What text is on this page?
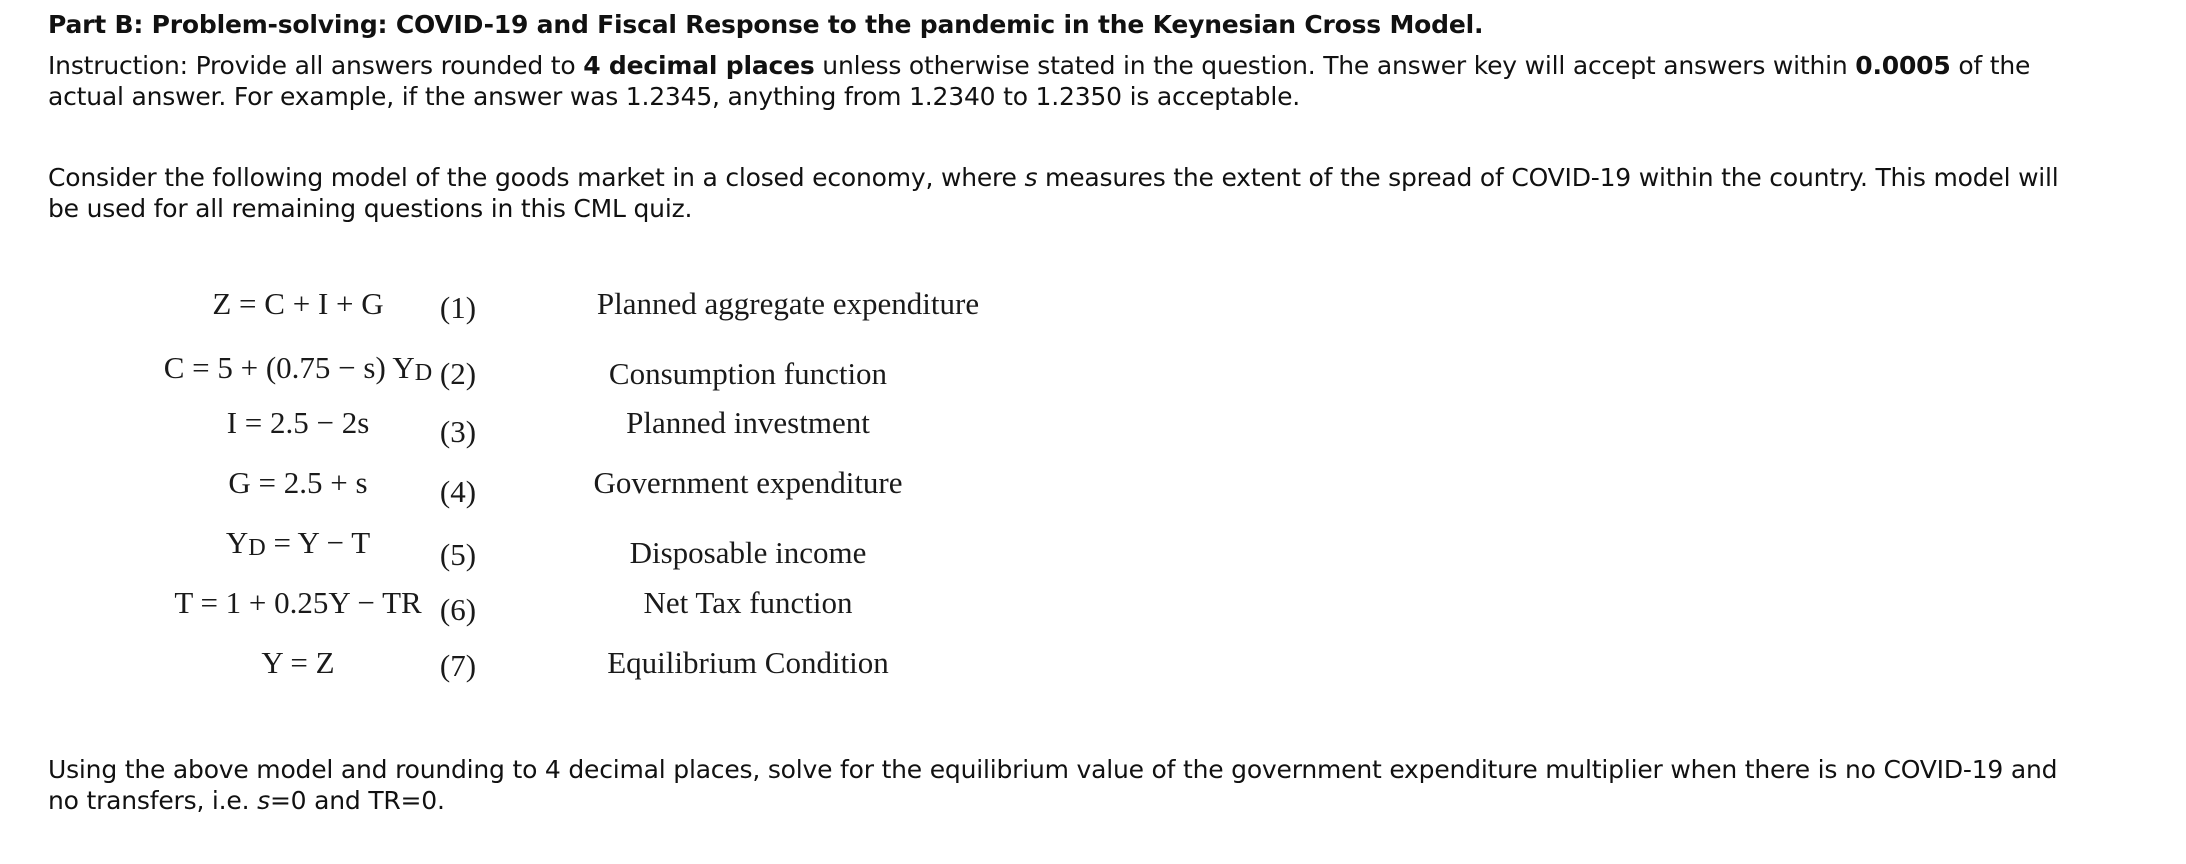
Part B: Problem-solving: COVID-19 and Fiscal Response to the pandemic in the Keynesian Cross Model.
Instruction: Provide all answers rounded to 4 decimal places unless otherwise stated in the question. The answer key will accept answers within 0.0005 of the actual answer. For example, if the answer was 1.2345, anything from 1.2340 to 1.2350 is acceptable.
Consider the following model of the goods market in a closed economy, where s measures the extent of the spread of COVID-19 within the country. This model will be used for all remaining questions in this CML quiz.
Z = C + I + G	(1)	Planned aggregate expenditure
C = 5 + (0.75 − s) YD (2)	Consumption function
I = 2.5 − 2s	(3)	Planned investment
G = 2.5 + s	(4)	Government expenditure
YD = Y − T	(5)	Disposable income
T = 1 + 0.25Y − TR (6)	Net Tax function
Y = Z	(7)	Equilibrium Condition
Using the above model and rounding to 4 decimal places, solve for the equilibrium value of the government expenditure multiplier when there is no COVID-19 and no transfers, i.e. s=0 and TR=0.
